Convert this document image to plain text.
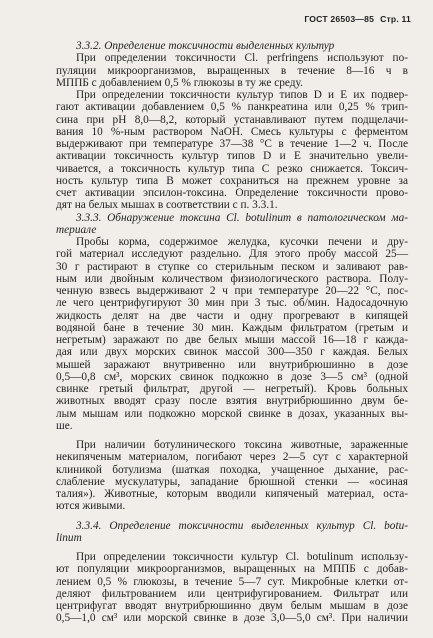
ГОСТ 26503—85 Стр. 11
3.3.2. Определение токсичности выделенных культур
При определении токсичности Cl. perfringens используют по-
пуляции микроорганизмов, выращенных в течение 8—16 ч в
МППБ с добавлением 0,5 % глюкозы в ту же среду.
При определении токсичности культур типов D и E их подвер-
гают активации добавлением 0,5 % панкреатина или 0,25 % трип-
сина при pH 8,0—8,2, который устанавливают путем подщелачи-
вания 10 %-ным раствором NaOH. Смесь культуры с ферментом
выдерживают при температуре 37—38 °С в течение 1—2 ч. После
активации токсичность культур типов D и E значительно увели-
чивается, а токсичность культур типа С резко снижается. Токсич-
ность культур типа В может сохраниться на прежнем уровне за
счет активации эпсилон-токсина. Определение токсичности прово-
дят на белых мышах в соответствии с п. 3.3.1.
3.3.3. Обнаружение токсина Cl. botulinum в патологическом ма-
териале
Пробы корма, содержимое желудка, кусочки печени и дру-
гой материал исследуют раздельно. Для этого пробу массой 25—
30 г растирают в ступке со стерильным песком и заливают рав-
ным или двойным количеством физиологического раствора. Полу-
ченную взвесь выдерживают 2 ч при температуре 20—22 °С, пос-
ле чего центрифугируют 30 мин при 3 тыс. об/мин. Надосадочную
жидкость делят на две части и одну прогревают в кипящей
водяной бане в течение 30 мин. Каждым фильтратом (гретым и
негретым) заражают по две белых мыши массой 16—18 г кажда-
дая или двух морских свинок массой 300—350 г каждая. Белых
мышей заражают внутривенно или внутрибрюшинно в дозе
0,5—0,8 см³, морских свинок подкожно в дозе 3—5 см³ (одной
свинке гретый фильтрат, другой — негретый). Кровь больных
животных вводят сразу после взятия внутрибрюшинно двум бе-
лым мышам или подкожно морской свинке в дозах, указанных вы-
ше.
При наличии ботулинического токсина животные, зараженные
некипяченым материалом, погибают через 2—5 сут с характерной
клиникой ботулизма (шаткая походка, учащенное дыхание, рас-
слабление мускулатуры, западание брюшной стенки — «осиная
талия»). Животные, которым вводили кипяченый материал, оста-
ются живыми.
3.3.4. Определение токсичности выделенных культур Cl. botu-
linum
При определении токсичности культур Cl. botulinum использу-
ют популяции микроорганизмов, выращенных на МППБ с добав-
лением 0,5 % глюкозы, в течение 5—7 сут. Микробные клетки от-
деляют фильтрованием или центрифугированием. Фильтрат или
центрифугат вводят внутрибрюшинно двум белым мышам в дозе
0,5—1,0 см³ или морской свинке в дозе 3,0—5,0 см³. При наличии
